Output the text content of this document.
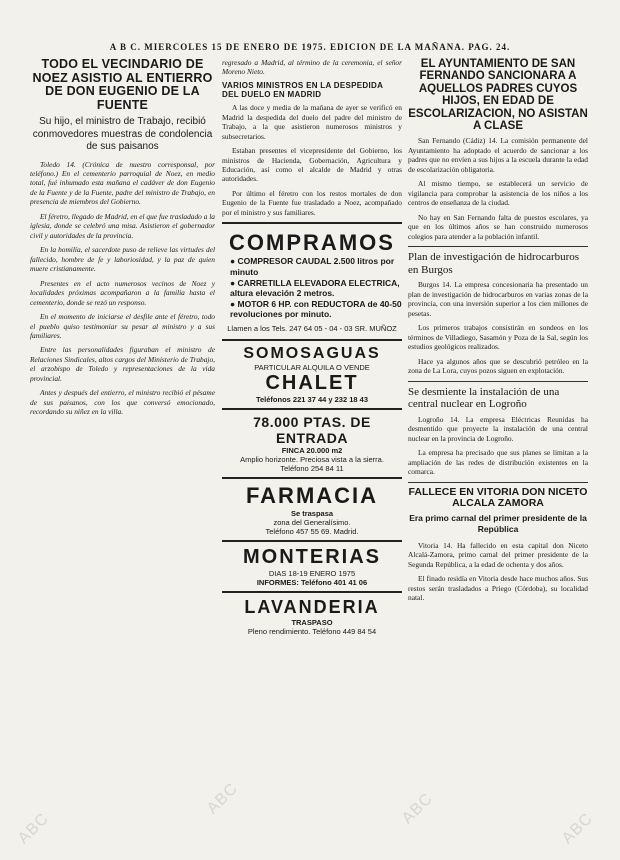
A B C. MIERCOLES 15 DE ENERO DE 1975. EDICION DE LA MAÑANA. PAG. 24.
TODO EL VECINDARIO DE NOEZ ASISTIO AL ENTIERRO DE DON EUGENIO DE LA FUENTE
Su hijo, el ministro de Trabajo, recibió conmovedores muestras de condolencia de sus paisanos
Toledo 14. (Crónica de nuestro corresponsal, por teléfono.) En el cementerio parroquial de Noez, en medio total, fué inhumado esta mañana el cadáver de don Eugenio de la Fuente y de la Fuente, padre del ministro de Trabajo, en presencia de miembros del Gobierno.
El féretro, llegado de Madrid, en el que fue trasladado a la iglesia, donde se celebró una misa. Asistieron el gobernador civil y autoridades de la provincia.
En la homilía, el sacerdote puso de relieve las virtudes del fallecido, hombre de fe y laboriosidad, y la paz de quien muere cristianamente.
Presentes en el acto numerosos vecinos de Noez y localidades próximas acompañaron a la familia hasta el cementerio, donde se rezó un responso.
En el momento de iniciarse el desfile ante el féretro, todo el pueblo quiso testimoniar su pesar al ministro y a sus familiares.
Entre las personalidades figuraban el ministro de Relaciones Sindicales, altos cargos del Ministerio de Trabajo, el arzobispo de Toledo y representaciones de la vida provincial.
Antes y después del entierro, el ministro recibió el pésame de sus paisanos, con los que conversó emocionado, recordando su niñez en la villa.
regresado a Madrid, al término de la ceremonia, el señor Moreno Nieto.
VARIOS MINISTROS EN LA DESPEDIDA DEL DUELO EN MADRID
A las doce y media de la mañana de ayer se verificó en Madrid la despedida del duelo del padre del ministro de Trabajo, a la que asistieron numerosos ministros y subsecretarios.
Estaban presentes el vicepresidente del Gobierno, los ministros de Hacienda, Gobernación, Agricultura y Educación, así como el alcalde de Madrid y otras autoridades.
Por último el féretro con los restos mortales de don Eugenio de la Fuente fue trasladado a Noez, acompañado por el ministro y sus familiares.
COMPRAMOS
● COMPRESOR CAUDAL 2.500 litros por minuto
● CARRETILLA ELEVADORA ELECTRICA, altura elevación 2 metros.
● MOTOR 6 HP. con REDUCTORA de 40-50 revoluciones por minuto.
Llamen a los Tels. 247 64 05 - 04 - 03 SR. MUÑOZ
SOMOSAGUAS
PARTICULAR ALQUILA O VENDE
CHALET
Teléfonos 221 37 44 y 232 18 43
78.000 PTAS. DE ENTRADA
FINCA 20.000 m2
Amplio horizonte. Preciosa vista a la sierra.
Teléfono 254 84 11
FARMACIA
Se traspasa
zona del Generalísimo.
Teléfono 457 55 69. Madrid.
MONTERIAS
DIAS 18-19 ENERO 1975
INFORMES: Teléfono 401 41 06
LAVANDERIA
TRASPASO
Pleno rendimiento. Teléfono 449 84 54
EL AYUNTAMIENTO DE SAN FERNANDO SANCIONARA A AQUELLOS PADRES CUYOS HIJOS, EN EDAD DE ESCOLARIZACION, NO ASISTAN A CLASE
San Fernando (Cádiz) 14. La comisión permanente del Ayuntamiento ha adoptado el acuerdo de sancionar a los padres que no envíen a sus hijos a la escuela durante la edad de escolarización obligatoria.
Al mismo tiempo, se establecerá un servicio de vigilancia para comprobar la asistencia de los niños a los centros de enseñanza de la ciudad.
No hay en San Fernando falta de puestos escolares, ya que en los últimos años se han construido numerosos colegios para atender a la población infantil.
Plan de investigación de hidrocarburos en Burgos
Burgos 14. La empresa concesionaria ha presentado un plan de investigación de hidrocarburos en varias zonas de la provincia, con una inversión superior a los cien millones de pesetas.
Los primeros trabajos consistirán en sondeos en los términos de Villadiego, Sasamón y Poza de la Sal, según los estudios geológicos realizados.
Hace ya algunos años que se descubrió petróleo en la zona de La Lora, cuyos pozos siguen en explotación.
Se desmiente la instalación de una central nuclear en Logroño
Logroño 14. La empresa Eléctricas Reunidas ha desmentido que proyecte la instalación de una central nuclear en la provincia de Logroño.
La empresa ha precisado que sus planes se limitan a la ampliación de las redes de distribución existentes en la comarca.
FALLECE EN VITORIA DON NICETO ALCALA ZAMORA
Era primo carnal del primer presidente de la República
Vitoria 14. Ha fallecido en esta capital don Niceto Alcalá-Zamora, primo carnal del primer presidente de la Segunda República, a la edad de ochenta y dos años.
El finado residía en Vitoria desde hace muchos años. Sus restos serán trasladados a Priego (Córdoba), su localidad natal.
ABC
ABC	ABC
ABC
